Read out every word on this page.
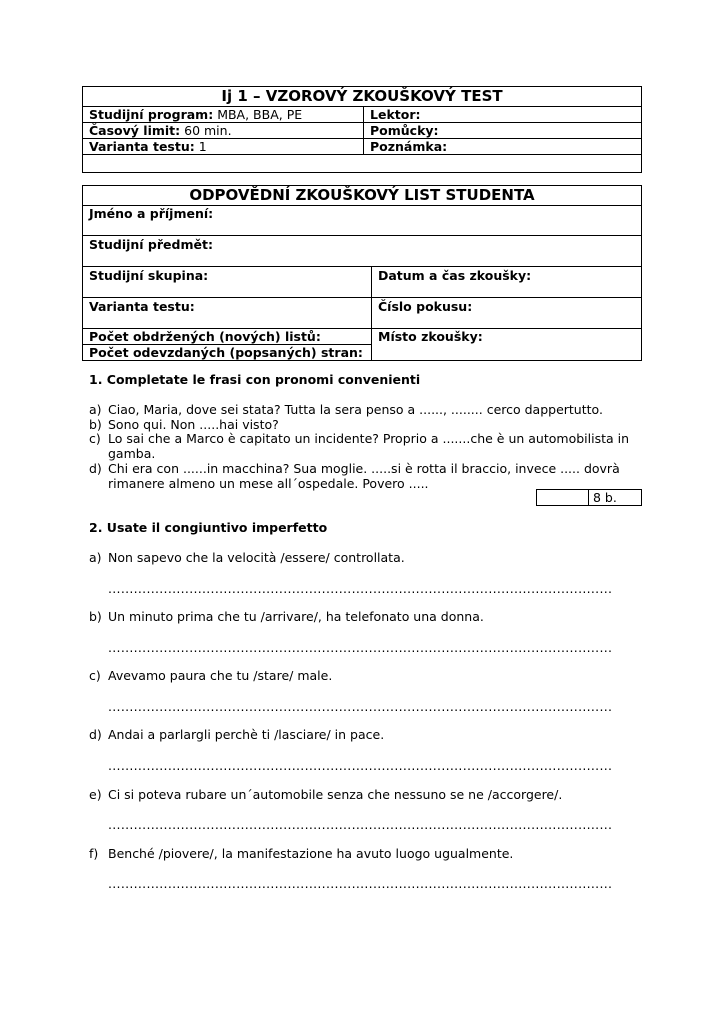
Ij 1 – VZOROVÝ ZKOUŠKOVÝ TEST	
Studijní program: MBA, BBA, PE	Lektor:
Časový limit: 60 min.	Pomůcky:
Varianta testu: 1	Poznámka:

ODPOVĚDNÍ ZKOUŠKOVÝ LIST STUDENTA	
Jméno a příjmení:	
Studijní předmět:	
Studijní skupina:	Datum a čas zkoušky:
Varianta testu:	Číslo pokusu:
Počet obdržených (nových) listů:	Místo zkoušky:
Počet odevzdaných (popsaných) stran:	
1. Completate le frasi con pronomi convenienti
a) Ciao, Maria, dove sei stata? Tutta la sera penso a ......, ........ cerco dappertutto.
b) Sono qui. Non .....hai visto?
c) Lo sai che a Marco è capitato un incidente? Proprio a .......che è un automobilista in gamba.
d) Chi era con ......in macchina? Sua moglie. .....si è rotta il braccio, invece ..... dovrà rimanere almeno un mese all´ospedale. Povero .....
	8 b.
2. Usate il congiuntivo imperfetto
a) Non sapevo che la velocità /essere/ controllata.
......................................................................................................................
b) Un minuto prima che tu /arrivare/, ha telefonato una donna.
......................................................................................................................
c) Avevamo paura che tu /stare/ male.
......................................................................................................................
d) Andai a parlargli perchè ti /lasciare/ in pace.
......................................................................................................................
e) Ci si poteva rubare un´automobile senza che nessuno se ne /accorgere/.
......................................................................................................................
f) Benché /piovere/, la manifestazione ha avuto luogo ugualmente.
......................................................................................................................
